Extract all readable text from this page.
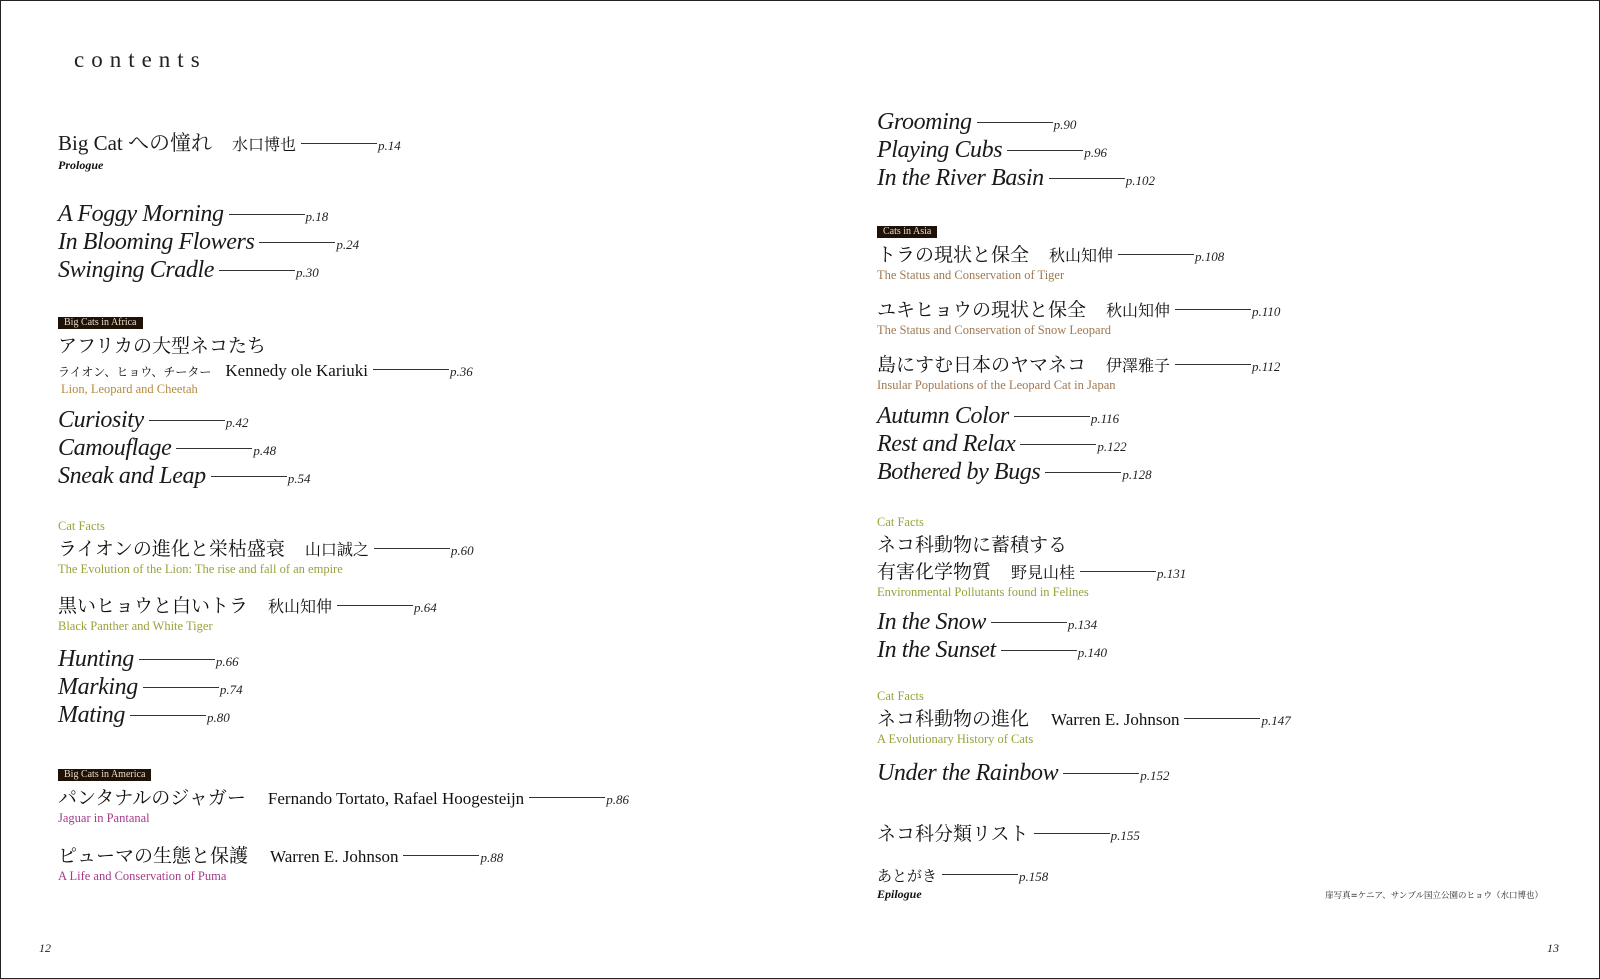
contents
Big Cat への憧れ 水口博也	p.14
Prologue
A Foggy Morning	p.18
In Blooming Flowers	p.24
Swinging Cradle	p.30
Big Cats in Africa
アフリカの大型ネコたち
ライオン、ヒョウ、チーター Kennedy ole Kariuki	p.36
Lion, Leopard and Cheetah
Curiosity	p.42
Camouflage	p.48
Sneak and Leap	p.54
Cat Facts
ライオンの進化と栄枯盛衰 山口誠之	p.60
The Evolution of the Lion: The rise and fall of an empire
黒いヒョウと白いトラ 秋山知伸	p.64
Black Panther and White Tiger
Hunting	p.66
Marking	p.74
Mating	p.80
Big Cats in America
パンタナルのジャガー Fernando Tortato, Rafael Hoogesteijn	p.86
Jaguar in Pantanal
ピューマの生態と保護 Warren E. Johnson	p.88
A Life and Conservation of Puma
12
Grooming	p.90
Playing Cubs	p.96
In the River Basin	p.102
Cats in Asia
トラの現状と保全 秋山知伸	p.108
The Status and Conservation of Tiger
ユキヒョウの現状と保全 秋山知伸	p.110
The Status and Conservation of Snow Leopard
島にすむ日本のヤマネコ 伊澤雅子	p.112
Insular Populations of the Leopard Cat in Japan
Autumn Color	p.116
Rest and Relax	p.122
Bothered by Bugs	p.128
Cat Facts
ネコ科動物に蓄積する
有害化学物質 野見山桂	p.131
Environmental Pollutants found in Felines
In the Snow	p.134
In the Sunset	p.140
Cat Facts
ネコ科動物の進化 Warren E. Johnson	p.147
A Evolutionary History of Cats
Under the Rainbow	p.152
ネコ科分類リスト	p.155
あとがき	p.158
Epilogue	扉写真=ケニア、サンブル国立公園のヒョウ（水口博也）

13
